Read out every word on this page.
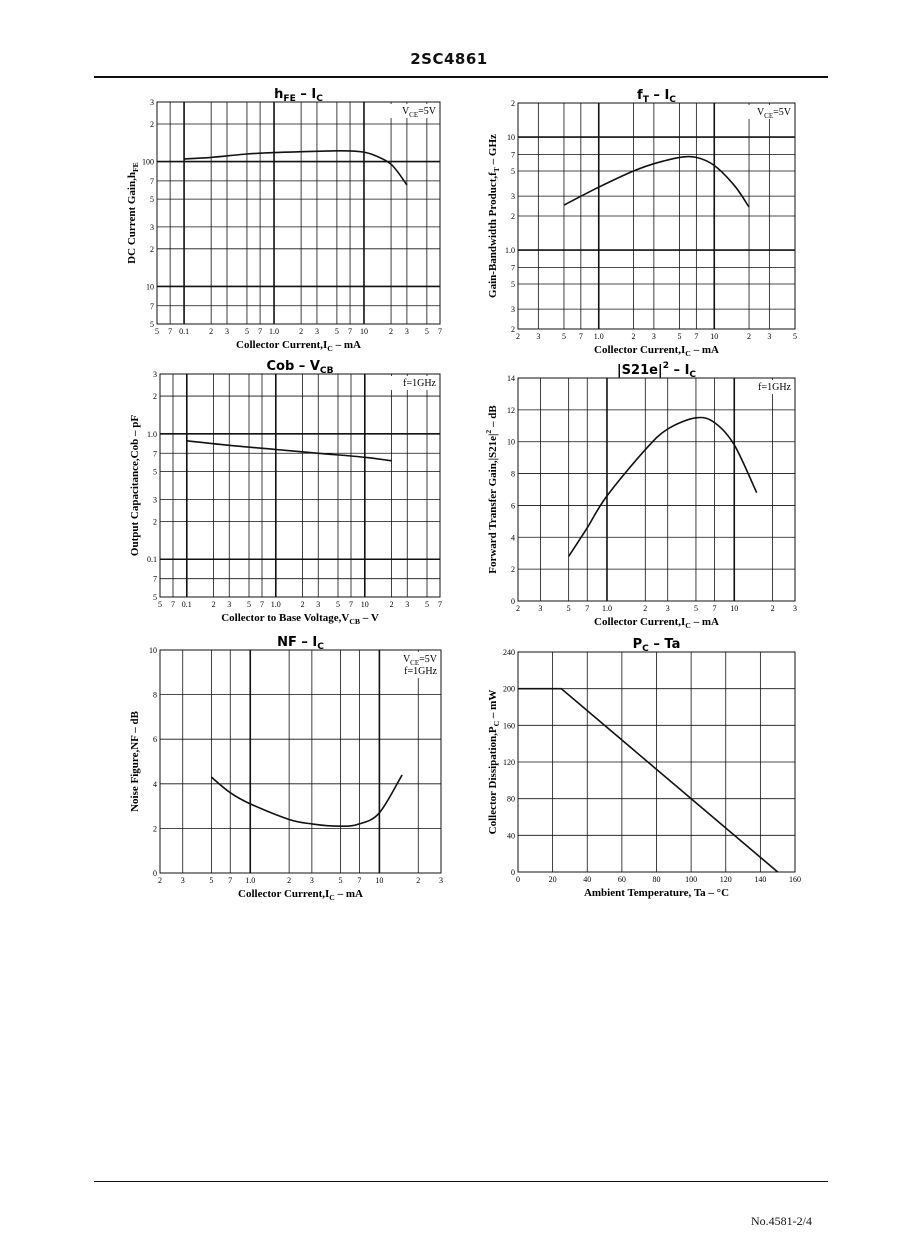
2SC4861
No.4581-2/4
5 7 0.1	2 3 5 7 1.0	2 3 5 7 10	2 3 5 7
5
7
10
2
3
5
7
100
2
3
$h_{FE} - I_C$
Collector $Current,I_C$ – mA
DC Current $Gain,h_{FE}$
$V_{CE}=5V$
2 3	5 7 1.0	2 3	5 7 10	2 3	5
2
3
5
7
1.0
2
3
5
7
10
2
$f_T - I_C$
Collector $Current,I_C$ – mA
Gain-Bandwidth $Product,f_T$ – GHz
$V_{CE}=5V$
5 7 0.1 2 3 5 7 1.0 2 3 5 7 10	2 3 5 7
5
7
0.1
2
3
5
7
1.0
2
3
Cob – $V_{CB}$
Collector to Base $Voltage,V_{CB}$ – V
Output Capacitance,Cob – pF
f=1GHz
2 3	5 7 1.0	2 3	5 7 10	2 3
0
2
4
6
8
10
12
14
$|S21e|^2 - I_C$
Collector $Current,I_C$ – mA
Forward Transfer $Gain,|S21e|^2$ – dB
f=1GHz
2 3	5 7 1.0	2 3	5 7 10	2 3
0
2
4
6
8
10
NF – $I_C$
Collector $Current,I_C$ – mA
Noise Figure,NF – dB
$V_{CE}=5V$
f=1GHz
0	20	40	60	80	100	120	140	160
0
40
80
120
160
200
240
$P_C$ – Ta
Ambient Temperature, Ta – °C
Collector $Dissipation,P_C$ – mW
